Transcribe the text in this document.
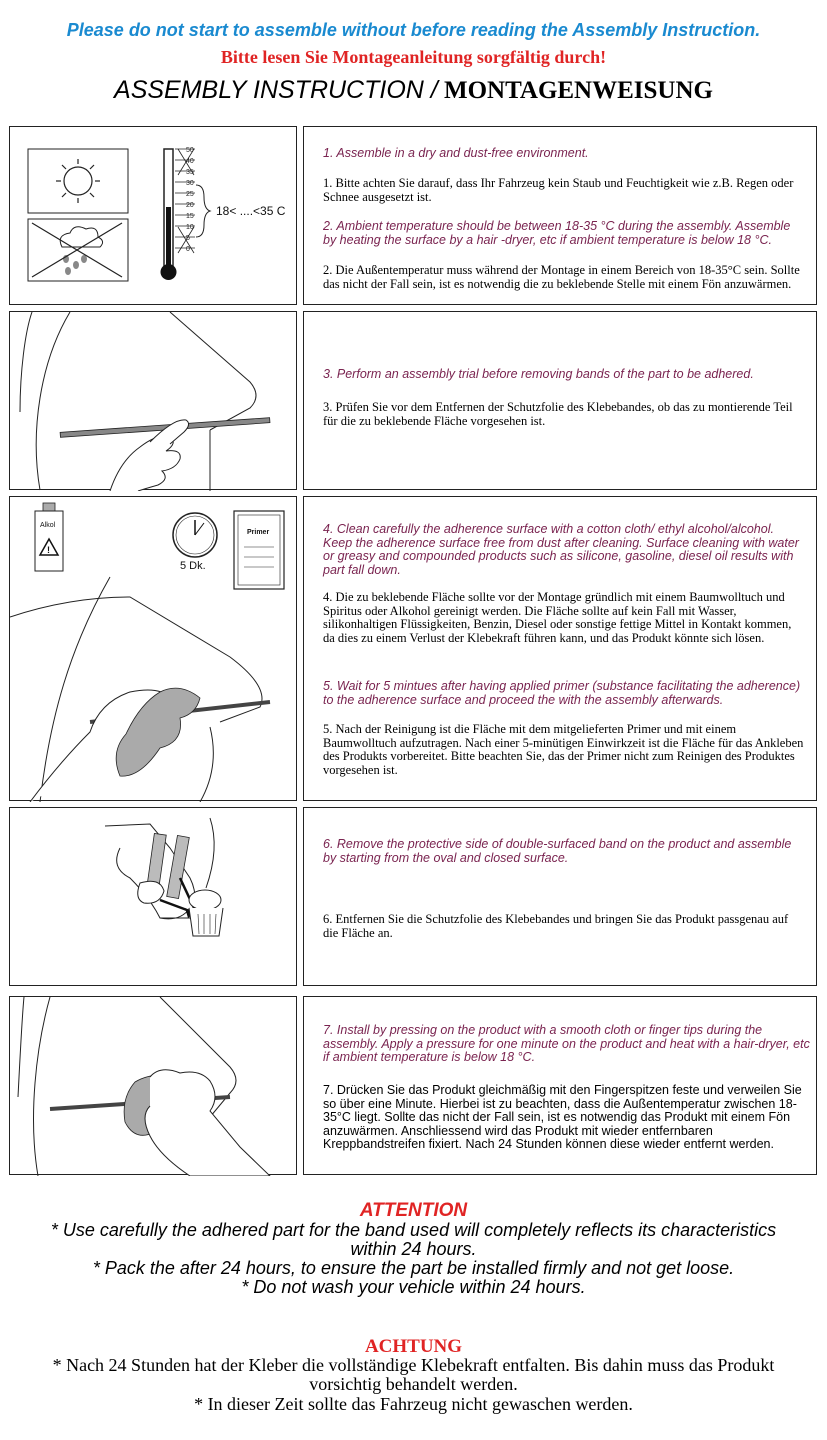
Please do not start to assemble without before reading the Assembly Instruction.
Bitte lesen Sie Montageanleitung sorgfältig durch!
ASSEMBLY INSTRUCTION / MONTAGENWEISUNG
50
40
35
30
25
20
15
10
5
0
18< ....<35 C

1. Assemble in a dry and dust-free environment.

1. Bitte achten Sie darauf, dass Ihr Fahrzeug kein Staub und Feuchtigkeit wie z.B. Regen oder Schnee ausgesetzt ist.

2. Ambient temperature should be between 18-35 °C during the assembly. Assemble by heating the surface by a hair -dryer, etc if ambient temperature is below 18 °C.

2. Die Außentemperatur muss während der Montage in einem Bereich von 18-35°C sein. Sollte das nicht der Fall sein, ist es notwendig die zu beklebende Stelle mit einem Fön anzuwärmen.

3. Perform an assembly trial before removing bands of the part to be adhered.

3. Prüfen Sie vor dem Entfernen der Schutzfolie des Klebebandes, ob das zu montierende Teil für die zu beklebende Fläche vorgesehen ist.

Alkol
!
5 Dk.
Primer	4. Clean carefully the adherence surface with a cotton cloth/ ethyl alcohol/alcohol. Keep the adherence surface free from dust after cleaning. Surface cleaning with water or greasy and compounded products such as silicone, gasoline, diesel oil results with part fall down.

4. Die zu beklebende Fläche sollte vor der Montage gründlich mit einem Baumwolltuch und Spiritus oder Alkohol gereinigt werden. Die Fläche sollte auf kein Fall mit Wasser, silikonhaltigen Flüssigkeiten, Benzin, Diesel oder sonstige fettige Mittel in Kontakt kommen, da dies zu einem Verlust der Klebekraft führen kann, und das Produkt könnte sich lösen.

5. Wait for 5 mintues after having applied primer (substance facilitating the adherence) to the adherence surface and proceed the with the assembly afterwards.

5. Nach der Reinigung ist die Fläche mit dem mitgelieferten Primer und mit einem Baumwolltuch aufzutragen. Nach einer 5-minütigen Einwirkzeit ist die Fläche für das Ankleben des Produkts vorbereitet. Bitte beachten Sie, das der Primer nicht zum Reinigen des Produktes vorgesehen ist.

6. Remove the protective side of double-surfaced band on the product and assemble by starting from the oval and closed surface.

6. Entfernen Sie die Schutzfolie des Klebebandes und bringen Sie das Produkt passgenau auf die Fläche an.

7. Install by pressing on the product with a smooth cloth or finger tips during the assembly. Apply a pressure for one minute on the product and heat with a hair-dryer, etc if ambient temperature is below 18 °C.

7. Drücken Sie das Produkt gleichmäßig mit den Fingerspitzen feste und verweilen Sie so über eine Minute. Hierbei ist zu beachten, dass die Außentemperatur zwischen 18-35°C liegt. Sollte das nicht der Fall sein, ist es notwendig das Produkt mit einem Fön anzuwärmen. Anschliessend wird das Produkt mit wieder entfernbaren Kreppbandstreifen fixiert. Nach 24 Stunden können diese wieder entfernt werden.

ATTENTION
* Use carefully the adhered part for the band used will completely reflects its characteristics within 24 hours.
* Pack the after 24 hours, to ensure the part be installed firmly and not get loose.
* Do not wash your vehicle within 24 hours.
ACHTUNG
* Nach 24 Stunden hat der Kleber die vollständige Klebekraft entfalten. Bis dahin muss das Produkt vorsichtig behandelt werden.
* In dieser Zeit sollte das Fahrzeug nicht gewaschen werden.
